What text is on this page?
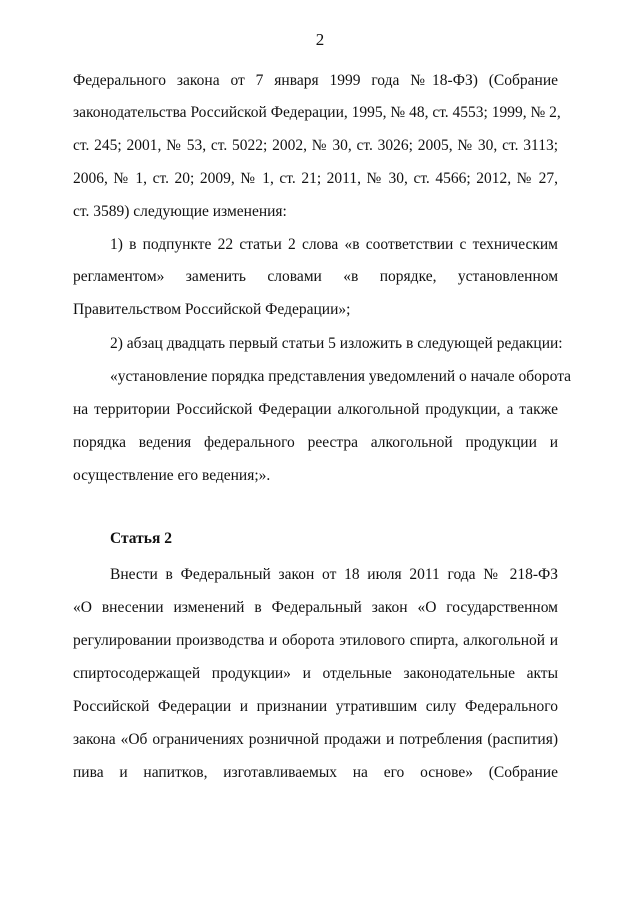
2
Федерального закона от 7 января 1999 года №18-ФЗ) (Собрание
законодательства Российской Федерации, 1995, № 48, ст. 4553; 1999, № 2,
ст. 245; 2001, № 53, ст. 5022; 2002, № 30, ст. 3026; 2005, № 30, ст. 3113;
2006, № 1, ст. 20; 2009, № 1, ст. 21; 2011, № 30, ст. 4566; 2012, № 27,
ст. 3589) следующие изменения:
1) в подпункте 22 статьи 2 слова «в соответствии с техническим
регламентом» заменить словами «в порядке, установленном
Правительством Российской Федерации»;
2) абзац двадцать первый статьи 5 изложить в следующей редакции:
«установление порядка представления уведомлений о начале оборота
на территории Российской Федерации алкогольной продукции, а также
порядка ведения федерального реестра алкогольной продукции и
осуществление его ведения;».
Статья 2
Внести в Федеральный закон от 18 июля 2011 года № 218-ФЗ
«О внесении изменений в Федеральный закон «О государственном
регулировании производства и оборота этилового спирта, алкогольной и
спиртосодержащей продукции» и отдельные законодательные акты
Российской Федерации и признании утратившим силу Федерального
закона «Об ограничениях розничной продажи и потребления (распития)
пива и напитков, изготавливаемых на его основе» (Собрание
